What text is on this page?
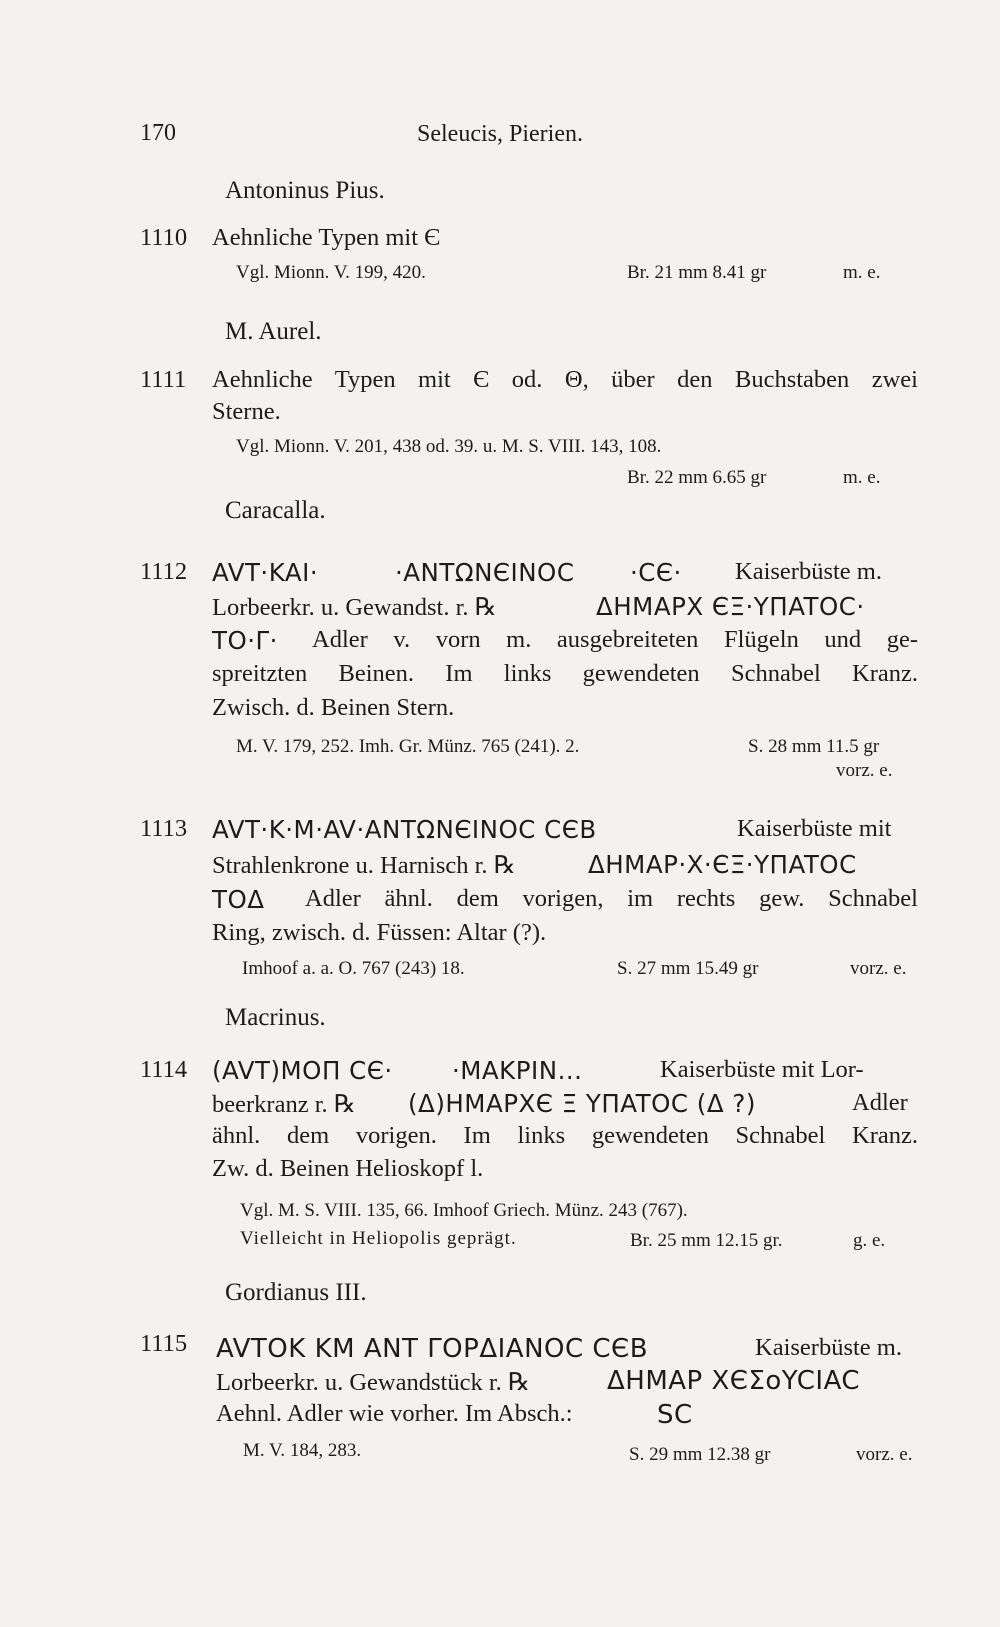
170	Seleucis, Pierien.
Antoninus Pius.
1110 Aehnliche Typen mit Є
Vgl. Mionn. V. 199, 420.	Br. 21 mm 8.41 gr	m. e.
M. Aurel.
1111 Aehnliche Typen mit Є od. Θ, über den Buchstaben zwei
Sterne.
Vgl. Mionn. V. 201, 438 od. 39. u. M. S. VIII. 143, 108.
Br. 22 mm 6.65 gr	m. e.
Caracalla.
1112 AVT·KAI·	·ANTΩNЄINOC ·CЄ· Kaiserbüste m.
Lorbeerkr. u. Gewandst. r. ℞	ΔHMAPX ЄΞ·YΠATOC·
TO·Γ· Adler v. vorn m. ausgebreiteten Flügeln und ge-
spreitzten Beinen. Im links gewendeten Schnabel Kranz.
Zwisch. d. Beinen Stern.
M. V. 179, 252. Imh. Gr. Münz. 765 (241). 2.	S. 28 mm 11.5 gr
vorz. e.
1113 AVT·K·M·AV·ANTΩNЄINOC CЄB	Kaiserbüste mit
Strahlenkrone u. Harnisch r. ℞	ΔHMAP·X·ЄΞ·YΠATOC
TOΔ Adler ähnl. dem vorigen, im rechts gew. Schnabel
Ring, zwisch. d. Füssen: Altar (?).
Imhoof a. a. O. 767 (243) 18.	S. 27 mm 15.49 gr	vorz. e.
Macrinus.
1114 (AVT)MOΠ CЄ· ·MAKPIN...	Kaiserbüste mit Lor-
beerkranz r. ℞ (Δ)HMAPXЄ Ξ YΠATOC (Δ ?)	Adler
ähnl. dem vorigen. Im links gewendeten Schnabel Kranz.
Zw. d. Beinen Helioskopf l.
Vgl. M. S. VIII. 135, 66. Imhoof Griech. Münz. 243 (767).
Vielleicht in Heliopolis geprägt.	Br. 25 mm 12.15 gr.	g. e.
Gordianus III.
1115 AVTOK KM ANT ΓOPΔIANOC CЄB	Kaiserbüste m.
Lorbeerkr. u. Gewandstück r. ℞	ΔHMAP XЄΣoYCIAC
Aehnl. Adler wie vorher. Im Absch.:	SC
M. V. 184, 283.	S. 29 mm 12.38 gr	vorz. e.
